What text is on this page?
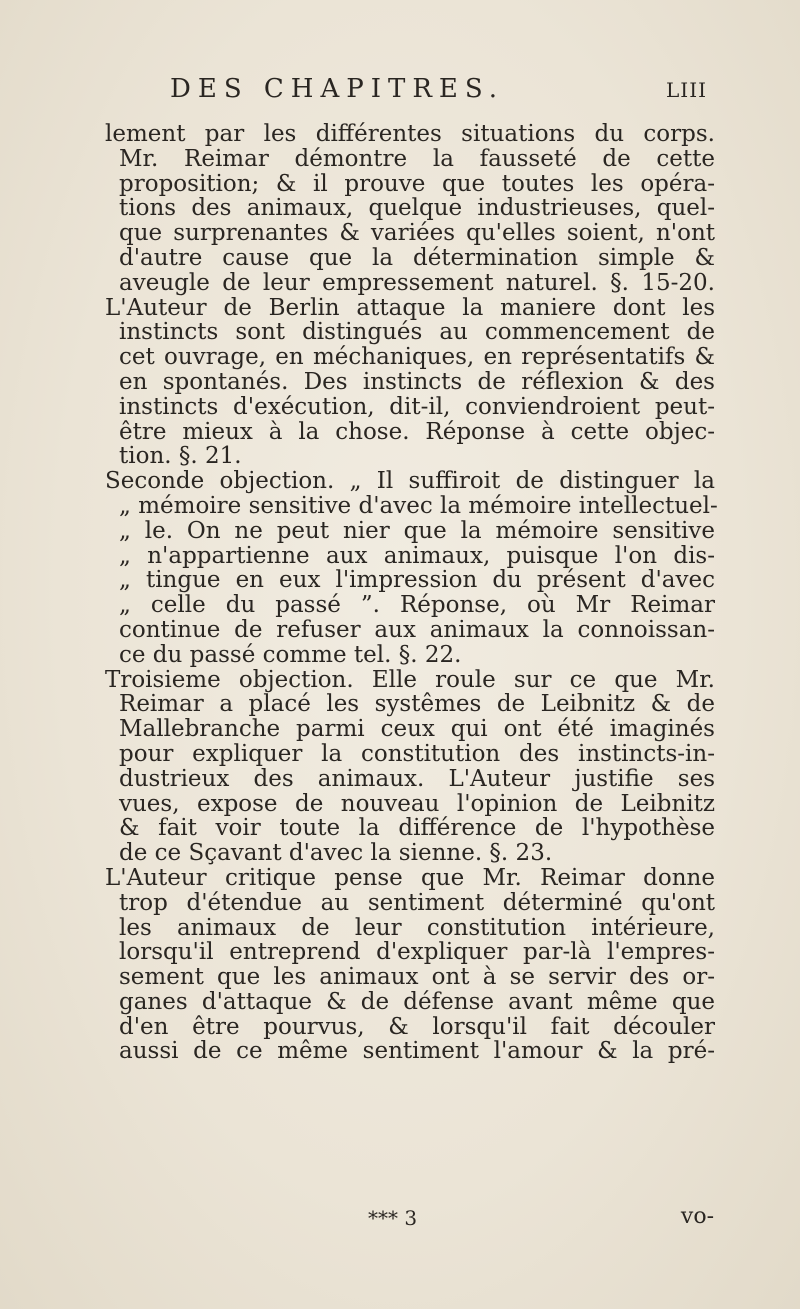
DES CHAPITRES.	LIII
lement par les différentes situations du corps.
Mr. Reimar démontre la fausseté de cette
proposition; & il prouve que toutes les opéra-
tions des animaux, quelque industrieuses, quel-
que surprenantes & variées qu'elles soient, n'ont
d'autre cause que la détermination simple &
aveugle de leur empressement naturel. §. 15-20.
L'Auteur de Berlin attaque la maniere dont les
instincts sont distingués au commencement de
cet ouvrage, en méchaniques, en représentatifs &
en spontanés. Des instincts de réflexion & des
instincts d'exécution, dit-il, conviendroient peut-
être mieux à la chose. Réponse à cette objec-
tion. §. 21.
Seconde objection. „ Il suffiroit de distinguer la
„ mémoire sensitive d'avec la mémoire intellectuel-
„ le. On ne peut nier que la mémoire sensitive
„ n'appartienne aux animaux, puisque l'on dis-
„ tingue en eux l'impression du présent d'avec
„ celle du passé ”. Réponse, où Mr Reimar
continue de refuser aux animaux la connoissan-
ce du passé comme tel. §. 22.
Troisieme objection. Elle roule sur ce que Mr.
Reimar a placé les systêmes de Leibnitz & de
Mallebranche parmi ceux qui ont été imaginés
pour expliquer la constitution des instincts-in-
dustrieux des animaux. L'Auteur justifie ses
vues, expose de nouveau l'opinion de Leibnitz
& fait voir toute la différence de l'hypothèse
de ce Sçavant d'avec la sienne. §. 23.
L'Auteur critique pense que Mr. Reimar donne
trop d'étendue au sentiment déterminé qu'ont
les animaux de leur constitution intérieure,
lorsqu'il entreprend d'expliquer par-là l'empres-
sement que les animaux ont à se servir des or-
ganes d'attaque & de défense avant même que
d'en être pourvus, & lorsqu'il fait découler
aussi de ce même sentiment l'amour & la pré-
*** 3	vo-
